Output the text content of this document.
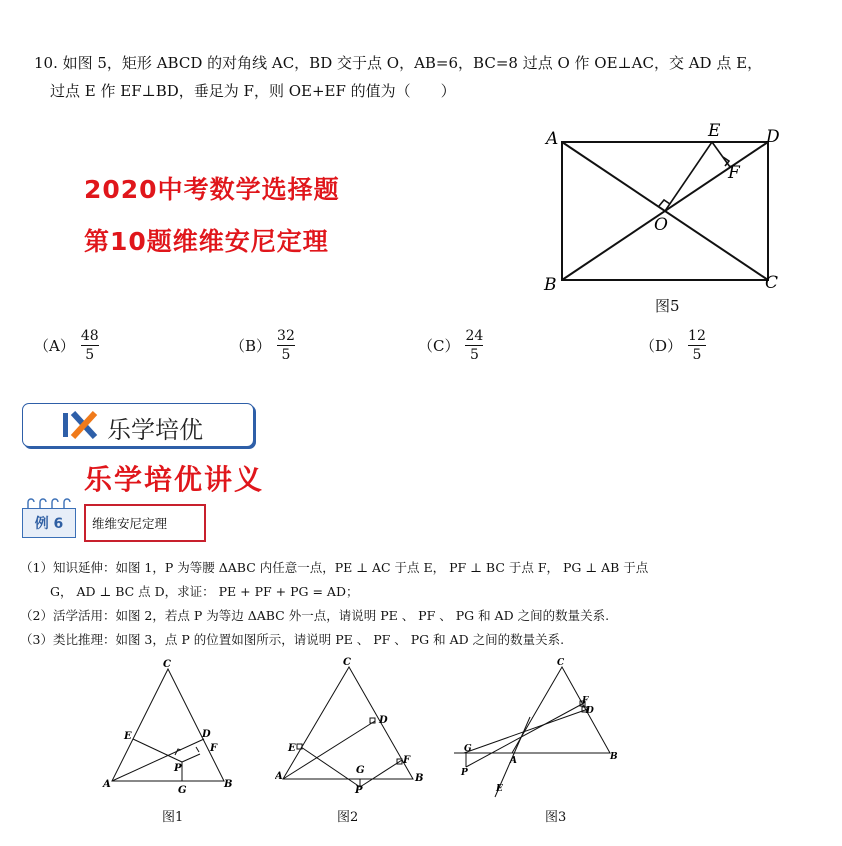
10. 如图 5，矩形 ABCD 的对角线 AC，BD 交于点 O，AB=6，BC=8 过点 O 作 OE⊥AC，交 AD 点 E，
过点 E 作 EF⊥BD，垂足为 F，则 OE+EF 的值为（　　）
2020中考数学选择题
第10题维维安尼定理
A
B	C
D
E
F
O
图5
$(A) \frac{48}{5}$	$(B) \frac{32}{5}$	$(C) \frac{24}{5}$	$(D) \frac{12}{5}$
乐学培优
乐学培优讲义
例 6	维维安尼定理
（1）知识延伸：如图 1，P 为等腰 ΔABC 内任意一点，PE ⊥ AC 于点 E， PF ⊥ BC 于点 F， PG ⊥ AB 于点
G， AD ⊥ BC 点 D，求证： PE + PF + PG = AD；
（2）活学活用：如图 2，若点 P 为等边 ΔABC 外一点，请说明 PE 、 PF 、 PG 和 AD 之间的数量关系.
（3）类比推理：如图 3，点 P 的位置如图所示，请说明 PE 、 PF 、 PG 和 AD 之间的数量关系.
C
E	D
F
P
A
G
B
图1
C
D
E
F
P
G
A	B
图2
C
F
D
G
A	B
P
E
图3
